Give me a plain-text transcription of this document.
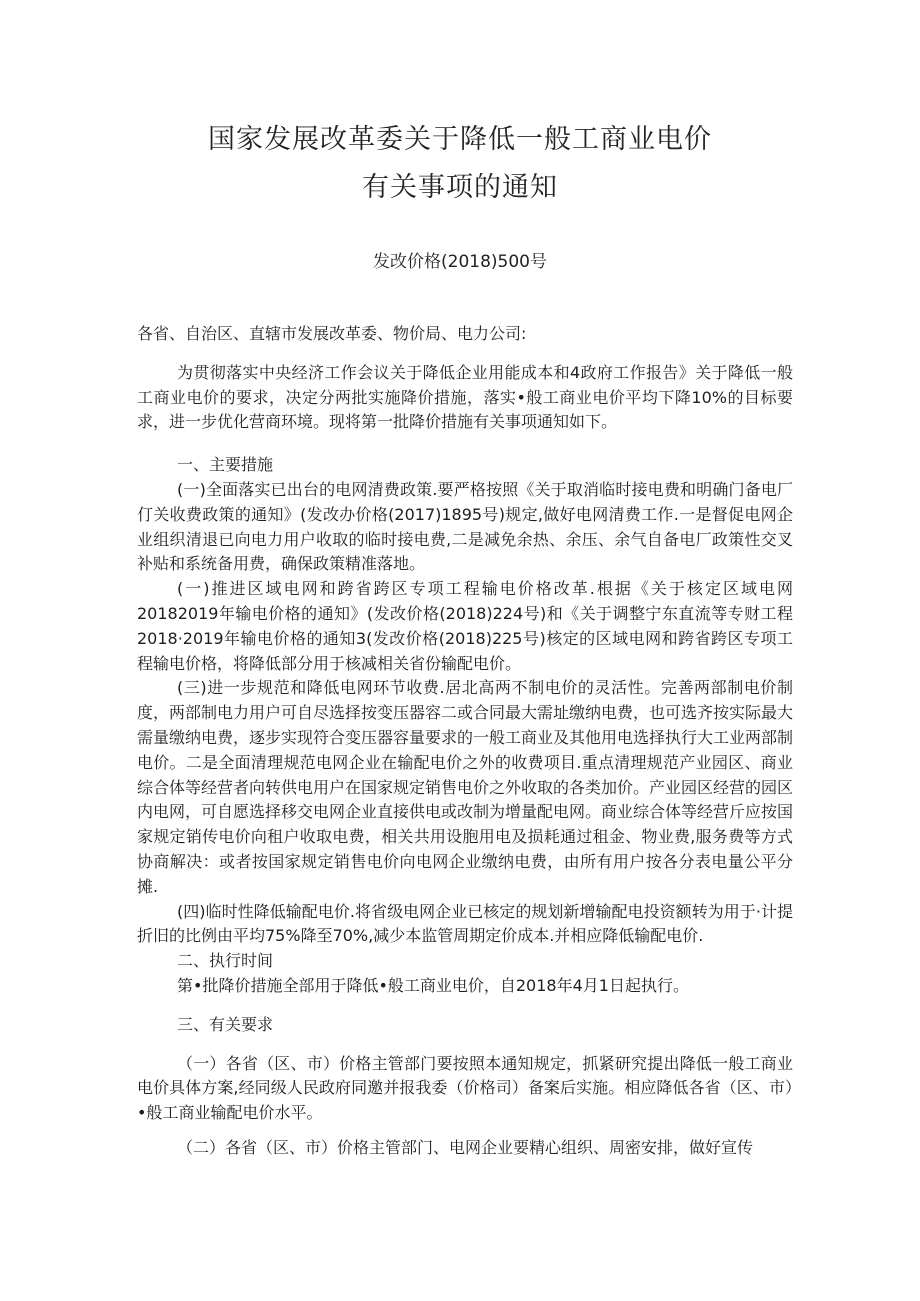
国家发展改革委关于降低一般工商业电价
有关事项的通知
发改价格(2018)500号

各省、自治区、直辖市发展改革委、物价局、电力公司:

为贯彻落实中央经济工作会议关于降低企业用能成本和4政府工作报告》关于降低一般工商业电价的要求，决定分两批实施降价措施，落实•般工商业电价平均下降10%的目标要求，进一步优化营商环境。现将第一批降价措施有关事项通知如下。

一、主要措施

(一)全面落实已出台的电网清费政策.要严格按照《关于取消临时接电费和明确门备电厂仃关收费政策的通知》(发改办价格(2017)1895号)规定,做好电网清费工作.一是督促电网企业组织清退已向电力用户收取的临时接电费,二是减免余热、余压、余气自备电厂政策性交叉补贴和系统备用费，确保政策精准落地。

(一)推进区域电网和跨省跨区专项工程输电价格改革.根据《关于核定区域电网20182019年输电价格的通知》(发改价格(2018)224号)和《关于调整宁东直流等专财工程2018·2019年输电价格的通知3(发改价格(2018)225号)核定的区域电网和跨省跨区专项工程输电价格，将降低部分用于核减相关省份输配电价。

(三)进一步规范和降低电网环节收费.居北高两不制电价的灵活性。完善两部制电价制度，两部制电力用户可自尽选择按变压器容二或合同最大需址缴纳电费，也可选齐按实际最大需量缴纳电费，逐步实现符合变压器容量要求的一般工商业及其他用电选择执行大工业两部制电价。二是全面清理规范电网企业在输配电价之外的收费项目.重点清理规范产业园区、商业综合体等经营者向转供电用户在国家规定销售电价之外收取的各类加价。产业园区经营的园区内电网，可自愿选择移交电网企业直接供电或改制为增量配电网。商业综合体等经营斤应按国家规定销传电价向租户收取电费，相关共用设胞用电及损耗通过租金、物业费,服务费等方式协商解决：或者按国家规定销售电价向电网企业缴纳电费，由所有用户按各分表电量公平分摊.

(四)临时性降低输配电价.将省级电网企业已核定的规划新增输配电投资额转为用于·计提折旧的比例由平均75%降至70%,减少本监管周期定价成本.并相应降低输配电价.

二、执行时间

第•批降价措施全部用于降低•般工商业电价，自2018年4月1日起执行。

三、有关要求

（一）各省（区、市）价格主管部门要按照本通知规定，抓紧研究提出降低一般工商业电价具体方案,经同级人民政府同邀并报我委（价格司）备案后实施。相应降低各省（区、市）•般工商业输配电价水平。

（二）各省（区、市）价格主管部门、电网企业要精心组织、周密安排，做好宣传
